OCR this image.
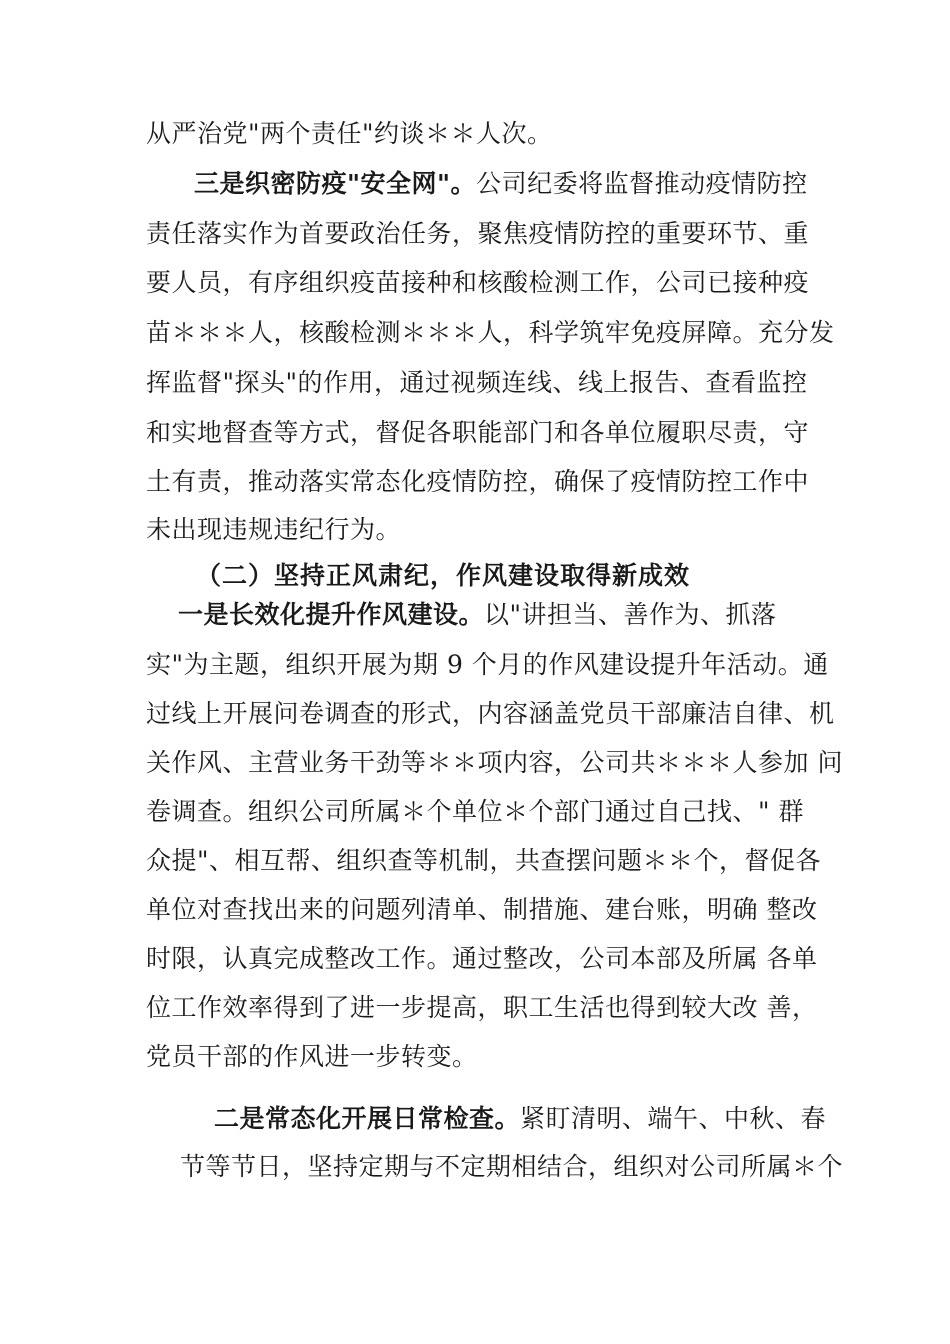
从严治党"两个责任"约谈＊＊人次。
三是织密防疫"安全网"。公司纪委将监督推动疫情防控
责任落实作为首要政治任务，聚焦疫情防控的重要环节、重
要人员，有序组织疫苗接种和核酸检测工作，公司已接种疫
苗＊＊＊人，核酸检测＊＊＊人，科学筑牢免疫屏障。充分发
挥监督"探头"的作用，通过视频连线、线上报告、查看监控
和实地督查等方式，督促各职能部门和各单位履职尽责，守
土有责，推动落实常态化疫情防控，确保了疫情防控工作中
未出现违规违纪行为。
（二）坚持正风肃纪，作风建设取得新成效
一是长效化提升作风建设。以"讲担当、善作为、抓落
实"为主题，组织开展为期 9 个月的作风建设提升年活动。通
过线上开展问卷调查的形式，内容涵盖党员干部廉洁自律、机
关作风、主营业务干劲等＊＊项内容，公司共＊＊＊人参加 问
卷调查。组织公司所属＊个单位＊个部门通过自己找、" 群
众提"、相互帮、组织查等机制，共查摆问题＊＊个，督促各
单位对查找出来的问题列清单、制措施、建台账，明确 整改
时限，认真完成整改工作。通过整改，公司本部及所属 各单
位工作效率得到了进一步提高，职工生活也得到较大改 善，
党员干部的作风进一步转变。
二是常态化开展日常检查。紧盯清明、端午、中秋、春
节等节日，坚持定期与不定期相结合，组织对公司所属＊个
